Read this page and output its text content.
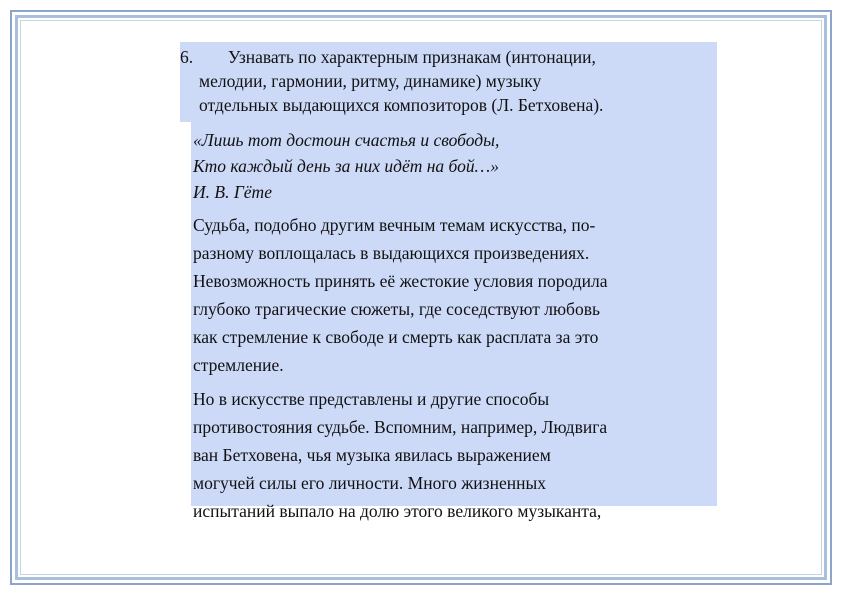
6. Узнавать по характерным признакам (интонации,
мелодии, гармонии, ритму, динамике) музыку
отдельных выдающихся композиторов (Л. Бетховена).
«Лишь тот достоин счастья и свободы,
Кто каждый день за них идёт на бой…»
И. В. Гёте
Судьба, подобно другим вечным темам искусства, по-
разному воплощалась в выдающихся произведениях.
Невозможность принять её жестокие условия породила
глубоко трагические сюжеты, где соседствуют любовь
как стремление к свободе и смерть как расплата за это
стремление.
Но в искусстве представлены и другие способы
противостояния судьбе. Вспомним, например, Людвига
ван Бетховена, чья музыка явилась выражением
могучей силы его личности. Много жизненных
испытаний выпало на долю этого великого музыканта,
